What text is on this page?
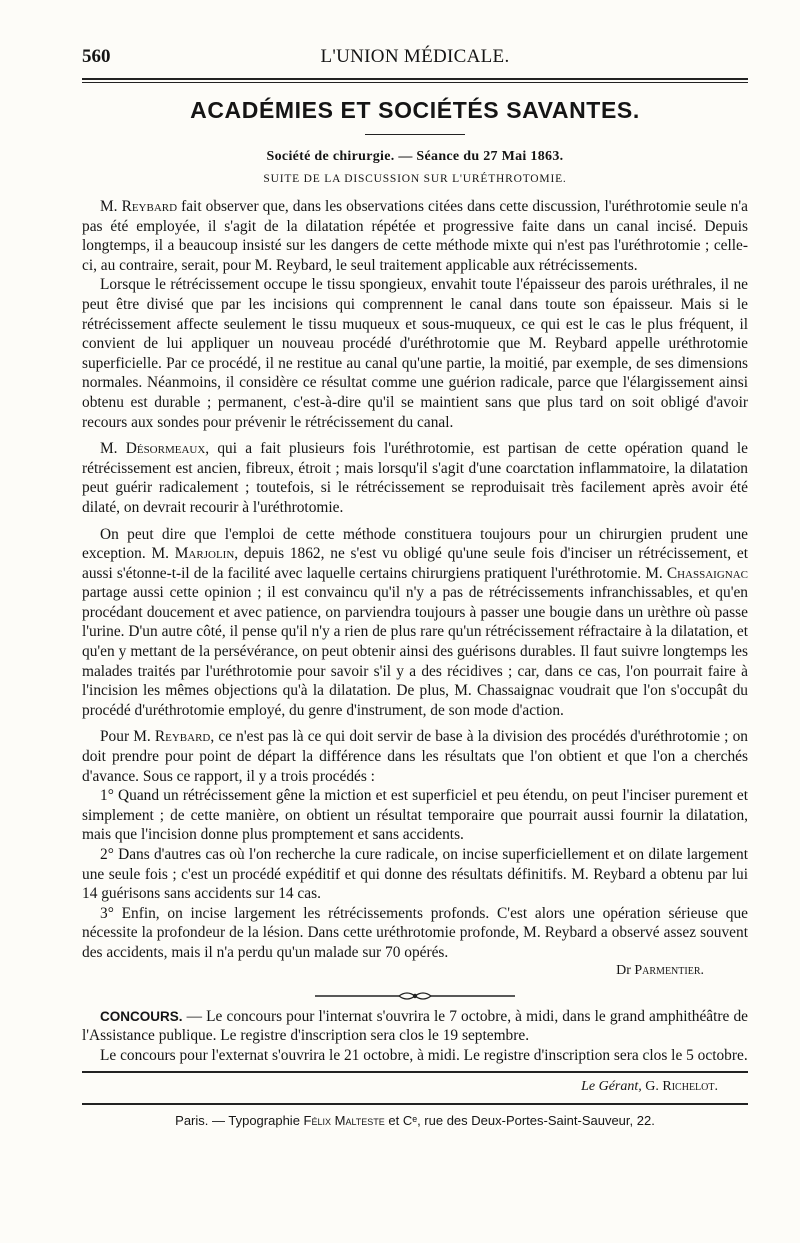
560	L'UNION MÉDICALE.
ACADÉMIES ET SOCIÉTÉS SAVANTES.
Société de chirurgie. — Séance du 27 Mai 1863.
SUITE DE LA DISCUSSION SUR L'URÉTHROTOMIE.

M. Reybard fait observer que, dans les observations citées dans cette discussion, l'uréthrotomie seule n'a pas été employée, il s'agit de la dilatation répétée et progressive faite dans un canal incisé. Depuis longtemps, il a beaucoup insisté sur les dangers de cette méthode mixte qui n'est pas l'uréthrotomie ; celle-ci, au contraire, serait, pour M. Reybard, le seul traitement applicable aux rétrécissements.

Lorsque le rétrécissement occupe le tissu spongieux, envahit toute l'épaisseur des parois uréthrales, il ne peut être divisé que par les incisions qui comprennent le canal dans toute son épaisseur. Mais si le rétrécissement affecte seulement le tissu muqueux et sous-muqueux, ce qui est le cas le plus fréquent, il convient de lui appliquer un nouveau procédé d'uréthrotomie que M. Reybard appelle uréthrotomie superficielle. Par ce procédé, il ne restitue au canal qu'une partie, la moitié, par exemple, de ses dimensions normales. Néanmoins, il considère ce résultat comme une guérion radicale, parce que l'élargissement ainsi obtenu est durable ; permanent, c'est-à-dire qu'il se maintient sans que plus tard on soit obligé d'avoir recours aux sondes pour prévenir le rétrécissement du canal.

M. Désormeaux, qui a fait plusieurs fois l'uréthrotomie, est partisan de cette opération quand le rétrécissement est ancien, fibreux, étroit ; mais lorsqu'il s'agit d'une coarctation inflammatoire, la dilatation peut guérir radicalement ; toutefois, si le rétrécissement se reproduisait très facilement après avoir été dilaté, on devrait recourir à l'uréthrotomie.

On peut dire que l'emploi de cette méthode constituera toujours pour un chirurgien prudent une exception. M. Marjolin, depuis 1862, ne s'est vu obligé qu'une seule fois d'inciser un rétrécissement, et aussi s'étonne-t-il de la facilité avec laquelle certains chirurgiens pratiquent l'uréthrotomie. M. Chassaignac partage aussi cette opinion ; il est convaincu qu'il n'y a pas de rétrécissements infranchissables, et qu'en procédant doucement et avec patience, on parviendra toujours à passer une bougie dans un urèthre où passe l'urine. D'un autre côté, il pense qu'il n'y a rien de plus rare qu'un rétrécissement réfractaire à la dilatation, et qu'en y mettant de la persévérance, on peut obtenir ainsi des guérisons durables. Il faut suivre longtemps les malades traités par l'uréthrotomie pour savoir s'il y a des récidives ; car, dans ce cas, l'on pourrait faire à l'incision les mêmes objections qu'à la dilatation. De plus, M. Chassaignac voudrait que l'on s'occupât du procédé d'uréthrotomie employé, du genre d'instrument, de son mode d'action.

Pour M. Reybard, ce n'est pas là ce qui doit servir de base à la division des procédés d'uréthrotomie ; on doit prendre pour point de départ la différence dans les résultats que l'on obtient et que l'on a cherchés d'avance. Sous ce rapport, il y a trois procédés :

1° Quand un rétrécissement gêne la miction et est superficiel et peu étendu, on peut l'inciser purement et simplement ; de cette manière, on obtient un résultat temporaire que pourrait aussi fournir la dilatation, mais que l'incision donne plus promptement et sans accidents.

2° Dans d'autres cas où l'on recherche la cure radicale, on incise superficiellement et on dilate largement une seule fois ; c'est un procédé expéditif et qui donne des résultats définitifs. M. Reybard a obtenu par lui 14 guérisons sans accidents sur 14 cas.

3° Enfin, on incise largement les rétrécissements profonds. C'est alors une opération sérieuse que nécessite la profondeur de la lésion. Dans cette uréthrotomie profonde, M. Reybard a observé assez souvent des accidents, mais il n'a perdu qu'un malade sur 70 opérés.

Dr Parmentier.

CONCOURS. — Le concours pour l'internat s'ouvrira le 7 octobre, à midi, dans le grand amphithéâtre de l'Assistance publique. Le registre d'inscription sera clos le 19 septembre.

Le concours pour l'externat s'ouvrira le 21 octobre, à midi. Le registre d'inscription sera clos le 5 octobre.

Le Gérant, G. Richelot.
Paris. — Typographie Félix Malteste et Cᵉ, rue des Deux-Portes-Saint-Sauveur, 22.
